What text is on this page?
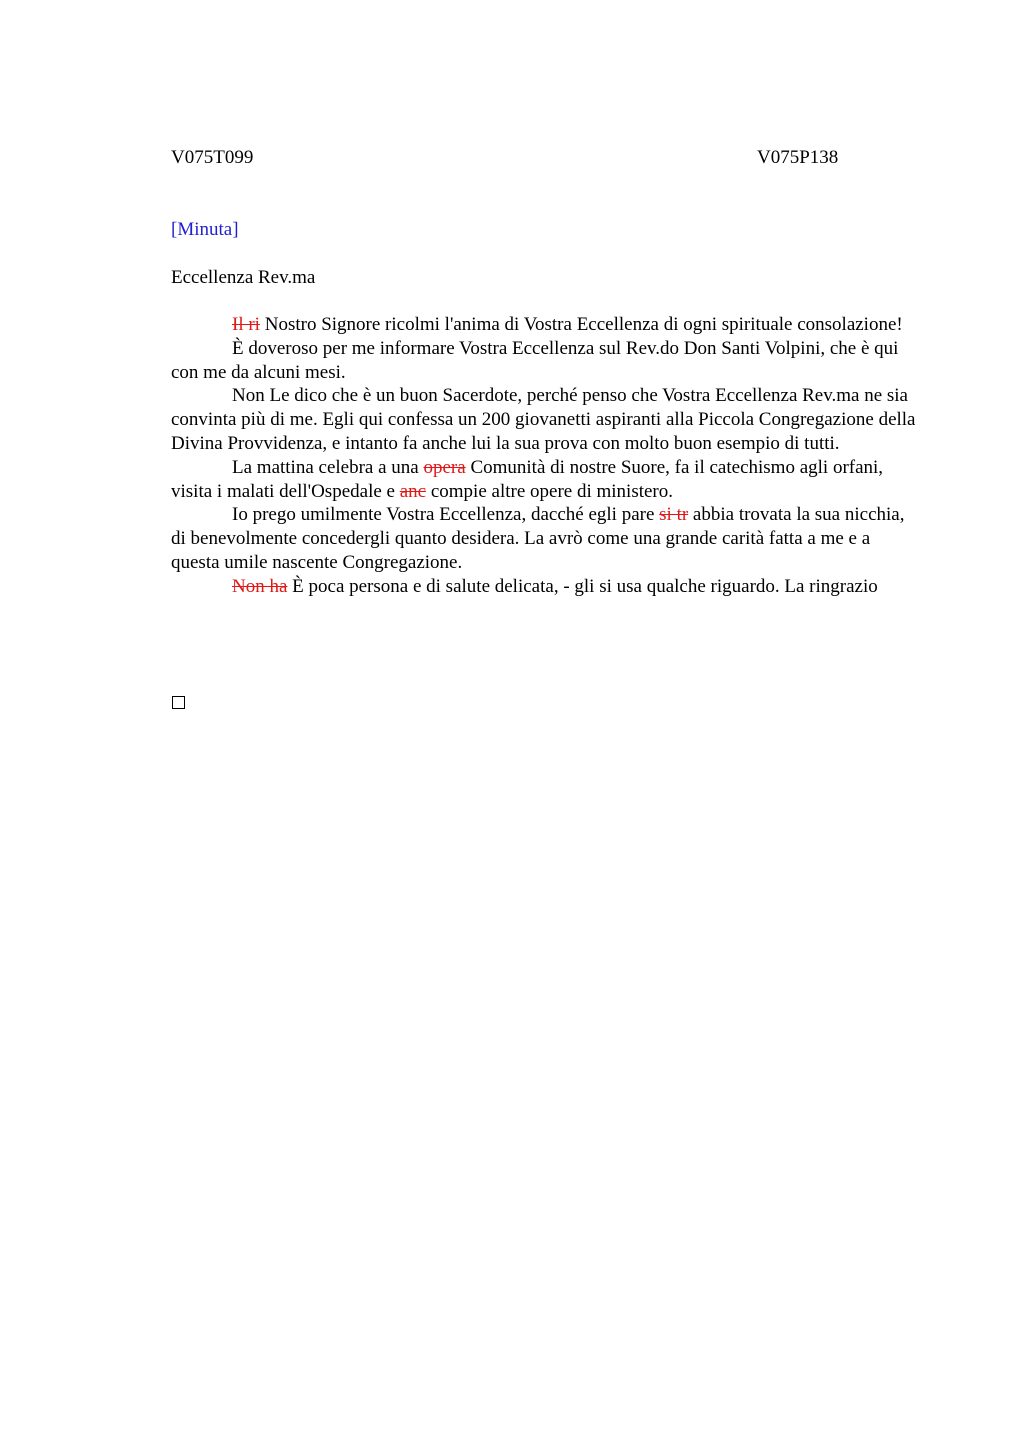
V075T099	V075P138
[Minuta]
Eccellenza Rev.ma

Il ri Nostro Signore ricolmi l'anima di Vostra Eccellenza di ogni spirituale consolazione!

È doveroso per me informare Vostra Eccellenza sul Rev.do Don Santi Volpini, che è qui con me da alcuni mesi.

Non Le dico che è un buon Sacerdote, perché penso che Vostra Eccellenza Rev.ma ne sia convinta più di me. Egli qui confessa un 200 giovanetti aspiranti alla Piccola Congregazione della Divina Provvidenza, e intanto fa anche lui la sua prova con molto buon esempio di tutti.

La mattina celebra a una opera Comunità di nostre Suore, fa il catechismo agli orfani, visita i malati dell'Ospedale e anc compie altre opere di ministero.

Io prego umilmente Vostra Eccellenza, dacché egli pare si tr abbia trovata la sua nicchia, di benevolmente concedergli quanto desidera. La avrò come una grande carità fatta a me e a questa umile nascente Congregazione.

Non ha È poca persona e di salute delicata, - gli si usa qualche riguardo. La ringrazio
